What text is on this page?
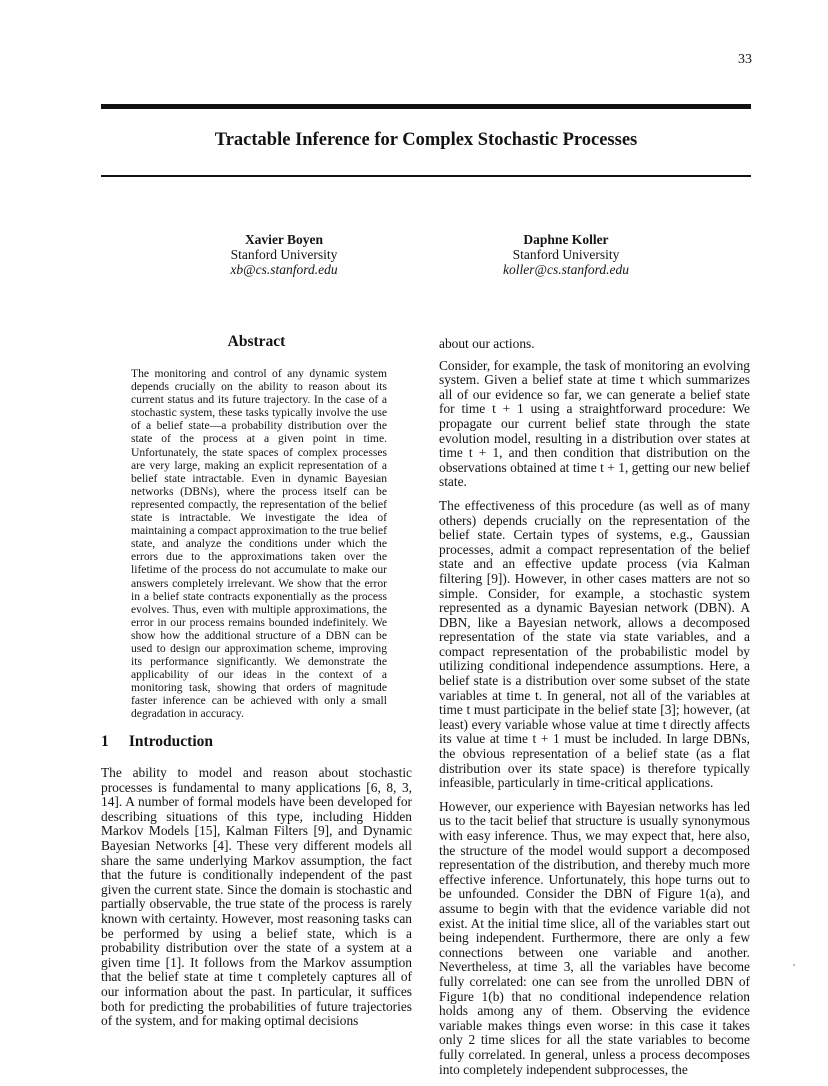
33
Tractable Inference for Complex Stochastic Processes
Xavier Boyen
Stanford University
xb@cs.stanford.edu
Daphne Koller
Stanford University
koller@cs.stanford.edu
Abstract
The monitoring and control of any dynamic system depends crucially on the ability to reason about its current status and its future trajectory. In the case of a stochastic system, these tasks typically involve the use of a belief state—a probability distribution over the state of the process at a given point in time. Unfortunately, the state spaces of complex processes are very large, making an explicit representation of a belief state intractable. Even in dynamic Bayesian networks (DBNs), where the process itself can be represented compactly, the representation of the belief state is intractable. We investigate the idea of maintaining a compact approximation to the true belief state, and analyze the conditions under which the errors due to the approximations taken over the lifetime of the process do not accumulate to make our answers completely irrelevant. We show that the error in a belief state contracts exponentially as the process evolves. Thus, even with multiple approximations, the error in our process remains bounded indefinitely. We show how the additional structure of a DBN can be used to design our approximation scheme, improving its performance significantly. We demonstrate the applicability of our ideas in the context of a monitoring task, showing that orders of magnitude faster inference can be achieved with only a small degradation in accuracy.
1 Introduction
The ability to model and reason about stochastic processes is fundamental to many applications [6, 8, 3, 14]. A number of formal models have been developed for describing situations of this type, including Hidden Markov Models [15], Kalman Filters [9], and Dynamic Bayesian Networks [4]. These very different models all share the same underlying Markov assumption, the fact that the future is conditionally independent of the past given the current state. Since the domain is stochastic and partially observable, the true state of the process is rarely known with certainty. However, most reasoning tasks can be performed by using a belief state, which is a probability distribution over the state of a system at a given time [1]. It follows from the Markov assumption that the belief state at time t completely captures all of our information about the past. In particular, it suffices both for predicting the probabilities of future trajectories of the system, and for making optimal decisions

about our actions.

Consider, for example, the task of monitoring an evolving system. Given a belief state at time t which summarizes all of our evidence so far, we can generate a belief state for time t + 1 using a straightforward procedure: We propagate our current belief state through the state evolution model, resulting in a distribution over states at time t + 1, and then condition that distribution on the observations obtained at time t + 1, getting our new belief state.

The effectiveness of this procedure (as well as of many others) depends crucially on the representation of the belief state. Certain types of systems, e.g., Gaussian processes, admit a compact representation of the belief state and an effective update process (via Kalman filtering [9]). However, in other cases matters are not so simple. Consider, for example, a stochastic system represented as a dynamic Bayesian network (DBN). A DBN, like a Bayesian network, allows a decomposed representation of the state via state variables, and a compact representation of the probabilistic model by utilizing conditional independence assumptions. Here, a belief state is a distribution over some subset of the state variables at time t. In general, not all of the variables at time t must participate in the belief state [3]; however, (at least) every variable whose value at time t directly affects its value at time t + 1 must be included. In large DBNs, the obvious representation of a belief state (as a flat distribution over its state space) is therefore typically infeasible, particularly in time-critical applications.

However, our experience with Bayesian networks has led us to the tacit belief that structure is usually synonymous with easy inference. Thus, we may expect that, here also, the structure of the model would support a decomposed representation of the distribution, and thereby much more effective inference. Unfortunately, this hope turns out to be unfounded. Consider the DBN of Figure 1(a), and assume to begin with that the evidence variable did not exist. At the initial time slice, all of the variables start out being independent. Furthermore, there are only a few connections between one variable and another. Nevertheless, at time 3, all the variables have become fully correlated: one can see from the unrolled DBN of Figure 1(b) that no conditional independence relation holds among any of them. Observing the evidence variable makes things even worse: in this case it takes only 2 time slices for all the state variables to become fully correlated. In general, unless a process decomposes into completely independent subprocesses, the
